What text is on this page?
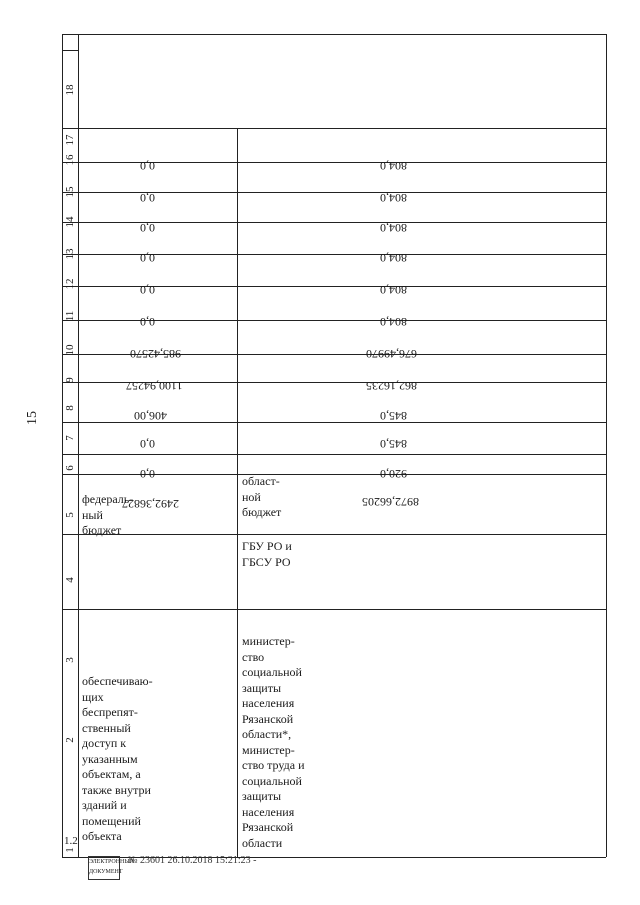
15
1
2
3
4
5
6
7
8
9
10
11
12
13
14
15
16
17
18
обеспечиваю-
щих
беспрепят-
ственный
доступ к
указанным
объектам, а
также внутри
зданий и
помещений
объекта
федераль-
ный
бюджет
2492,36827
0,0
0,0
406,00
1100,94257
985,42570
0,0
0,0
0,0
0,0
0,0
0,0
1.2
министер-
ство
социальной
защиты
населения
Рязанской
области*,
министер-
ство труда и
социальной
защиты
населения
Рязанской
области
ГБУ РО и
ГБСУ РО
област-
ной
бюджет
8972,66205
920,0
845,0
845,0
862,16235
676,49970
804,0
804,0
804,0
804,0
804,0
804,0
№ 23601 26.10.2018 15:21:23 -
ЭЛЕКТРОННЫЙ ДОКУМЕНТ
